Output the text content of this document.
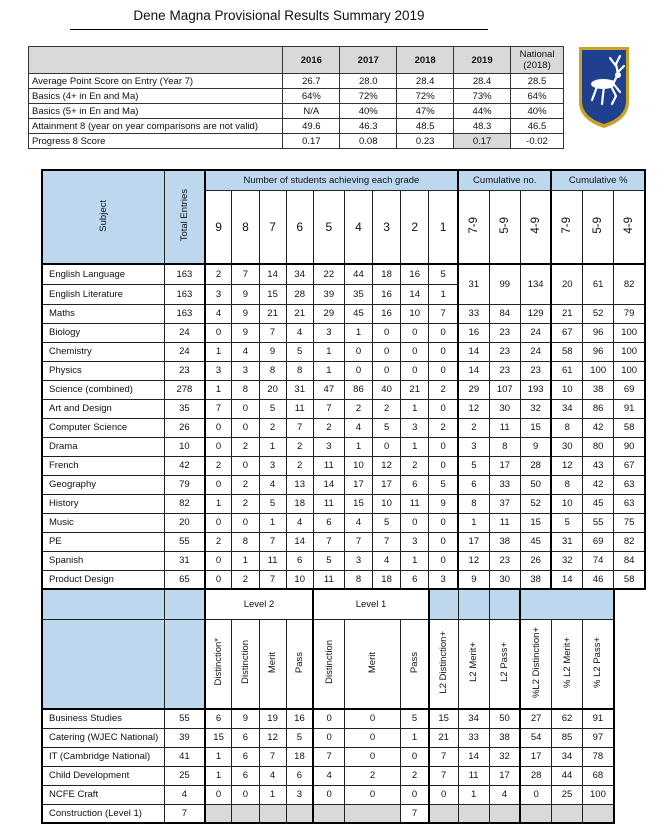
Dene Magna Provisional Results Summary 2019
	2016	2017	2018	2019	National
(2018)
Average Point Score on Entry (Year 7)	26.7	28.0	28.4	28.4	28.5
Basics (4+ in En and Ma)	64%	72%	72%	73%	64%
Basics (5+ in En and Ma)	N/A	40%	47%	44%	40%
Attainment 8 (year on year comparisons are not valid)	49.6	46.3	48.5	48.3	46.5
Progress 8 Score	0.17	0.08	0.23	0.17	-0.02
Subject	Total Entries	Number of students achieving each grade									Cumulative no.			Cumulative %		
		9	8	7	6	5	4	3	2	1	7-9	5-9	4-9	7-9	5-9	4-9
English Language	163	2	7	14	34	22	44	18	16	5	31	99	134	20	61	82
English Literature	163	3	9	15	28	39	35	16	14	1						
Maths	163	4	9	21	21	29	45	16	10	7	33	84	129	21	52	79
Biology	24	0	9	7	4	3	1	0	0	0	16	23	24	67	96	100
Chemistry	24	1	4	9	5	1	0	0	0	0	14	23	24	58	96	100
Physics	23	3	3	8	8	1	0	0	0	0	14	23	23	61	100	100
Science (combined)	278	1	8	20	31	47	86	40	21	2	29	107	193	10	38	69
Art and Design	35	7	0	5	11	7	2	2	1	0	12	30	32	34	86	91
Computer Science	26	0	0	2	7	2	4	5	3	2	2	11	15	8	42	58
Drama	10	0	2	1	2	3	1	0	1	0	3	8	9	30	80	90
French	42	2	0	3	2	11	10	12	2	0	5	17	28	12	43	67
Geography	79	0	2	4	13	14	17	17	6	5	6	33	50	8	42	63
History	82	1	2	5	18	11	15	10	11	9	8	37	52	10	45	63
Music	20	0	0	1	4	6	4	5	0	0	1	11	15	5	55	75
PE	55	2	8	7	14	7	7	7	3	0	17	38	45	31	69	82
Spanish	31	0	1	11	6	5	3	4	1	0	12	23	26	32	74	84
Product Design	65	0	2	7	10	11	8	18	6	3	9	30	38	14	46	58
		Level 2				Level 1										
		Distinction*	Distinction	Merit	Pass	Distinction	Merit		Pass	L2 Distinction+	L2 Merit+	L2 Pass+	%L2 Distinction+	% L2 Merit+	% L2 Pass+	
Business Studies	55	6	9	19	16	0	0		5	15	34	50	27	62	91	
Catering (WJEC National)	39	15	6	12	5	0	0		1	21	33	38	54	85	97	
IT (Cambridge National)	41	1	6	7	18	7	0		0	7	14	32	17	34	78	
Child Development	25	1	6	4	6	4	2		2	7	11	17	28	44	68	
NCFE Craft	4	0	0	1	3	0	0		0	0	1	4	0	25	100	
Construction (Level 1)	7								7							
